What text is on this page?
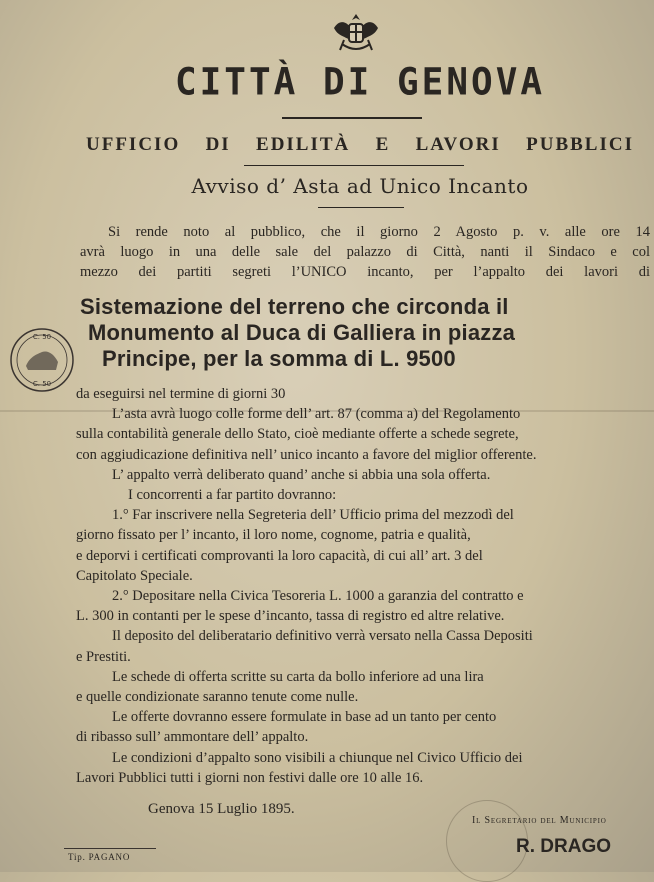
CITTÀ DI GENOVA
UFFICIO DI EDILITÀ E LAVORI PUBBLICI
Avviso d’ Asta ad Unico Incanto
Si rende noto al pubblico, che il giorno 2 Agosto p. v. alle ore 14
avrà luogo in una delle sale del palazzo di Città, nanti il Sindaco e col
mezzo dei partiti segreti l’UNICO incanto, per l’appalto dei lavori di
Sistemazione del terreno che circonda il
Monumento al Duca di Galliera in piazza
Principe, per la somma di L. 9500
C. 50
C. 50
da eseguirsi nel termine di giorni 30
L’asta avrà luogo colle forme dell’ art. 87 (comma a) del Regolamento
sulla contabilità generale dello Stato, cioè mediante offerte a schede segrete,
con aggiudicazione definitiva nell’ unico incanto a favore del miglior offerente.
L’ appalto verrà deliberato quand’ anche si abbia una sola offerta.
I concorrenti a far partito dovranno:
1.° Far inscrivere nella Segreteria dell’ Ufficio prima del mezzodì del
giorno fissato per l’ incanto, il loro nome, cognome, patria e qualità,
e deporvi i certificati comprovanti la loro capacità, di cui all’ art. 3 del
Capitolato Speciale.
2.° Depositare nella Civica Tesoreria L. 1000 a garanzia del contratto e
L. 300 in contanti per le spese d’incanto, tassa di registro ed altre relative.
Il deposito del deliberatario definitivo verrà versato nella Cassa Depositi
e Prestiti.
Le schede di offerta scritte su carta da bollo inferiore ad una lira
e quelle condizionate saranno tenute come nulle.
Le offerte dovranno essere formulate in base ad un tanto per cento
di ribasso sull’ ammontare dell’ appalto.
Le condizioni d’appalto sono visibili a chiunque nel Civico Ufficio dei
Lavori Pubblici tutti i giorni non festivi dalle ore 10 alle 16.
Genova 15 Luglio 1895.
Il Segretario del Municipio
R. DRAGO
Tip. PAGANO
